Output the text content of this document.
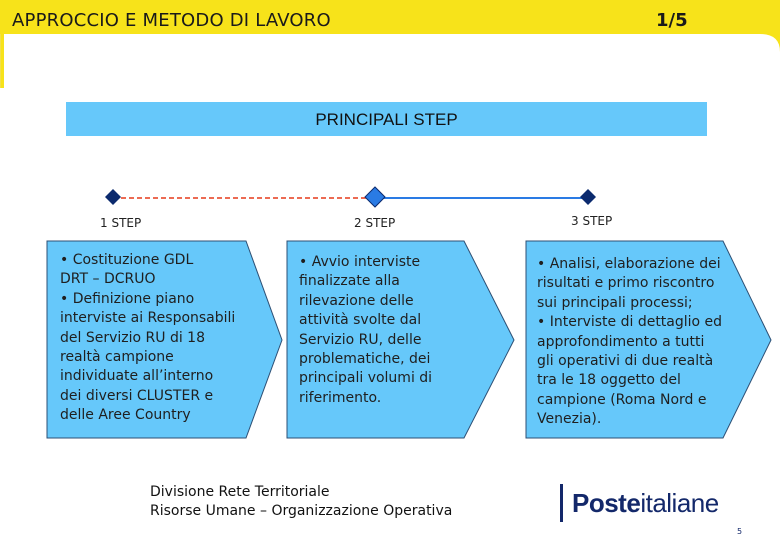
APPROCCIO E METODO DI LAVORO	1/5
PRINCIPALI STEP
1 STEP	2 STEP	3 STEP
• Costituzione GDL
DRT – DCRUO
• Definizione piano
interviste ai Responsabili
del Servizio RU di 18
realtà campione
individuate all’interno
dei diversi CLUSTER e
delle Aree Country
• Avvio interviste
finalizzate alla
rilevazione delle
attività svolte dal
Servizio RU, delle
problematiche, dei
principali volumi di
riferimento.
• Analisi, elaborazione dei
risultati e primo riscontro
sui principali processi;
• Interviste di dettaglio ed
approfondimento a tutti
gli operativi di due realtà
tra le 18 oggetto del
campione (Roma Nord e
Venezia).
Divisione Rete Territoriale
Risorse Umane – Organizzazione Operativa	Posteitaliane
5
